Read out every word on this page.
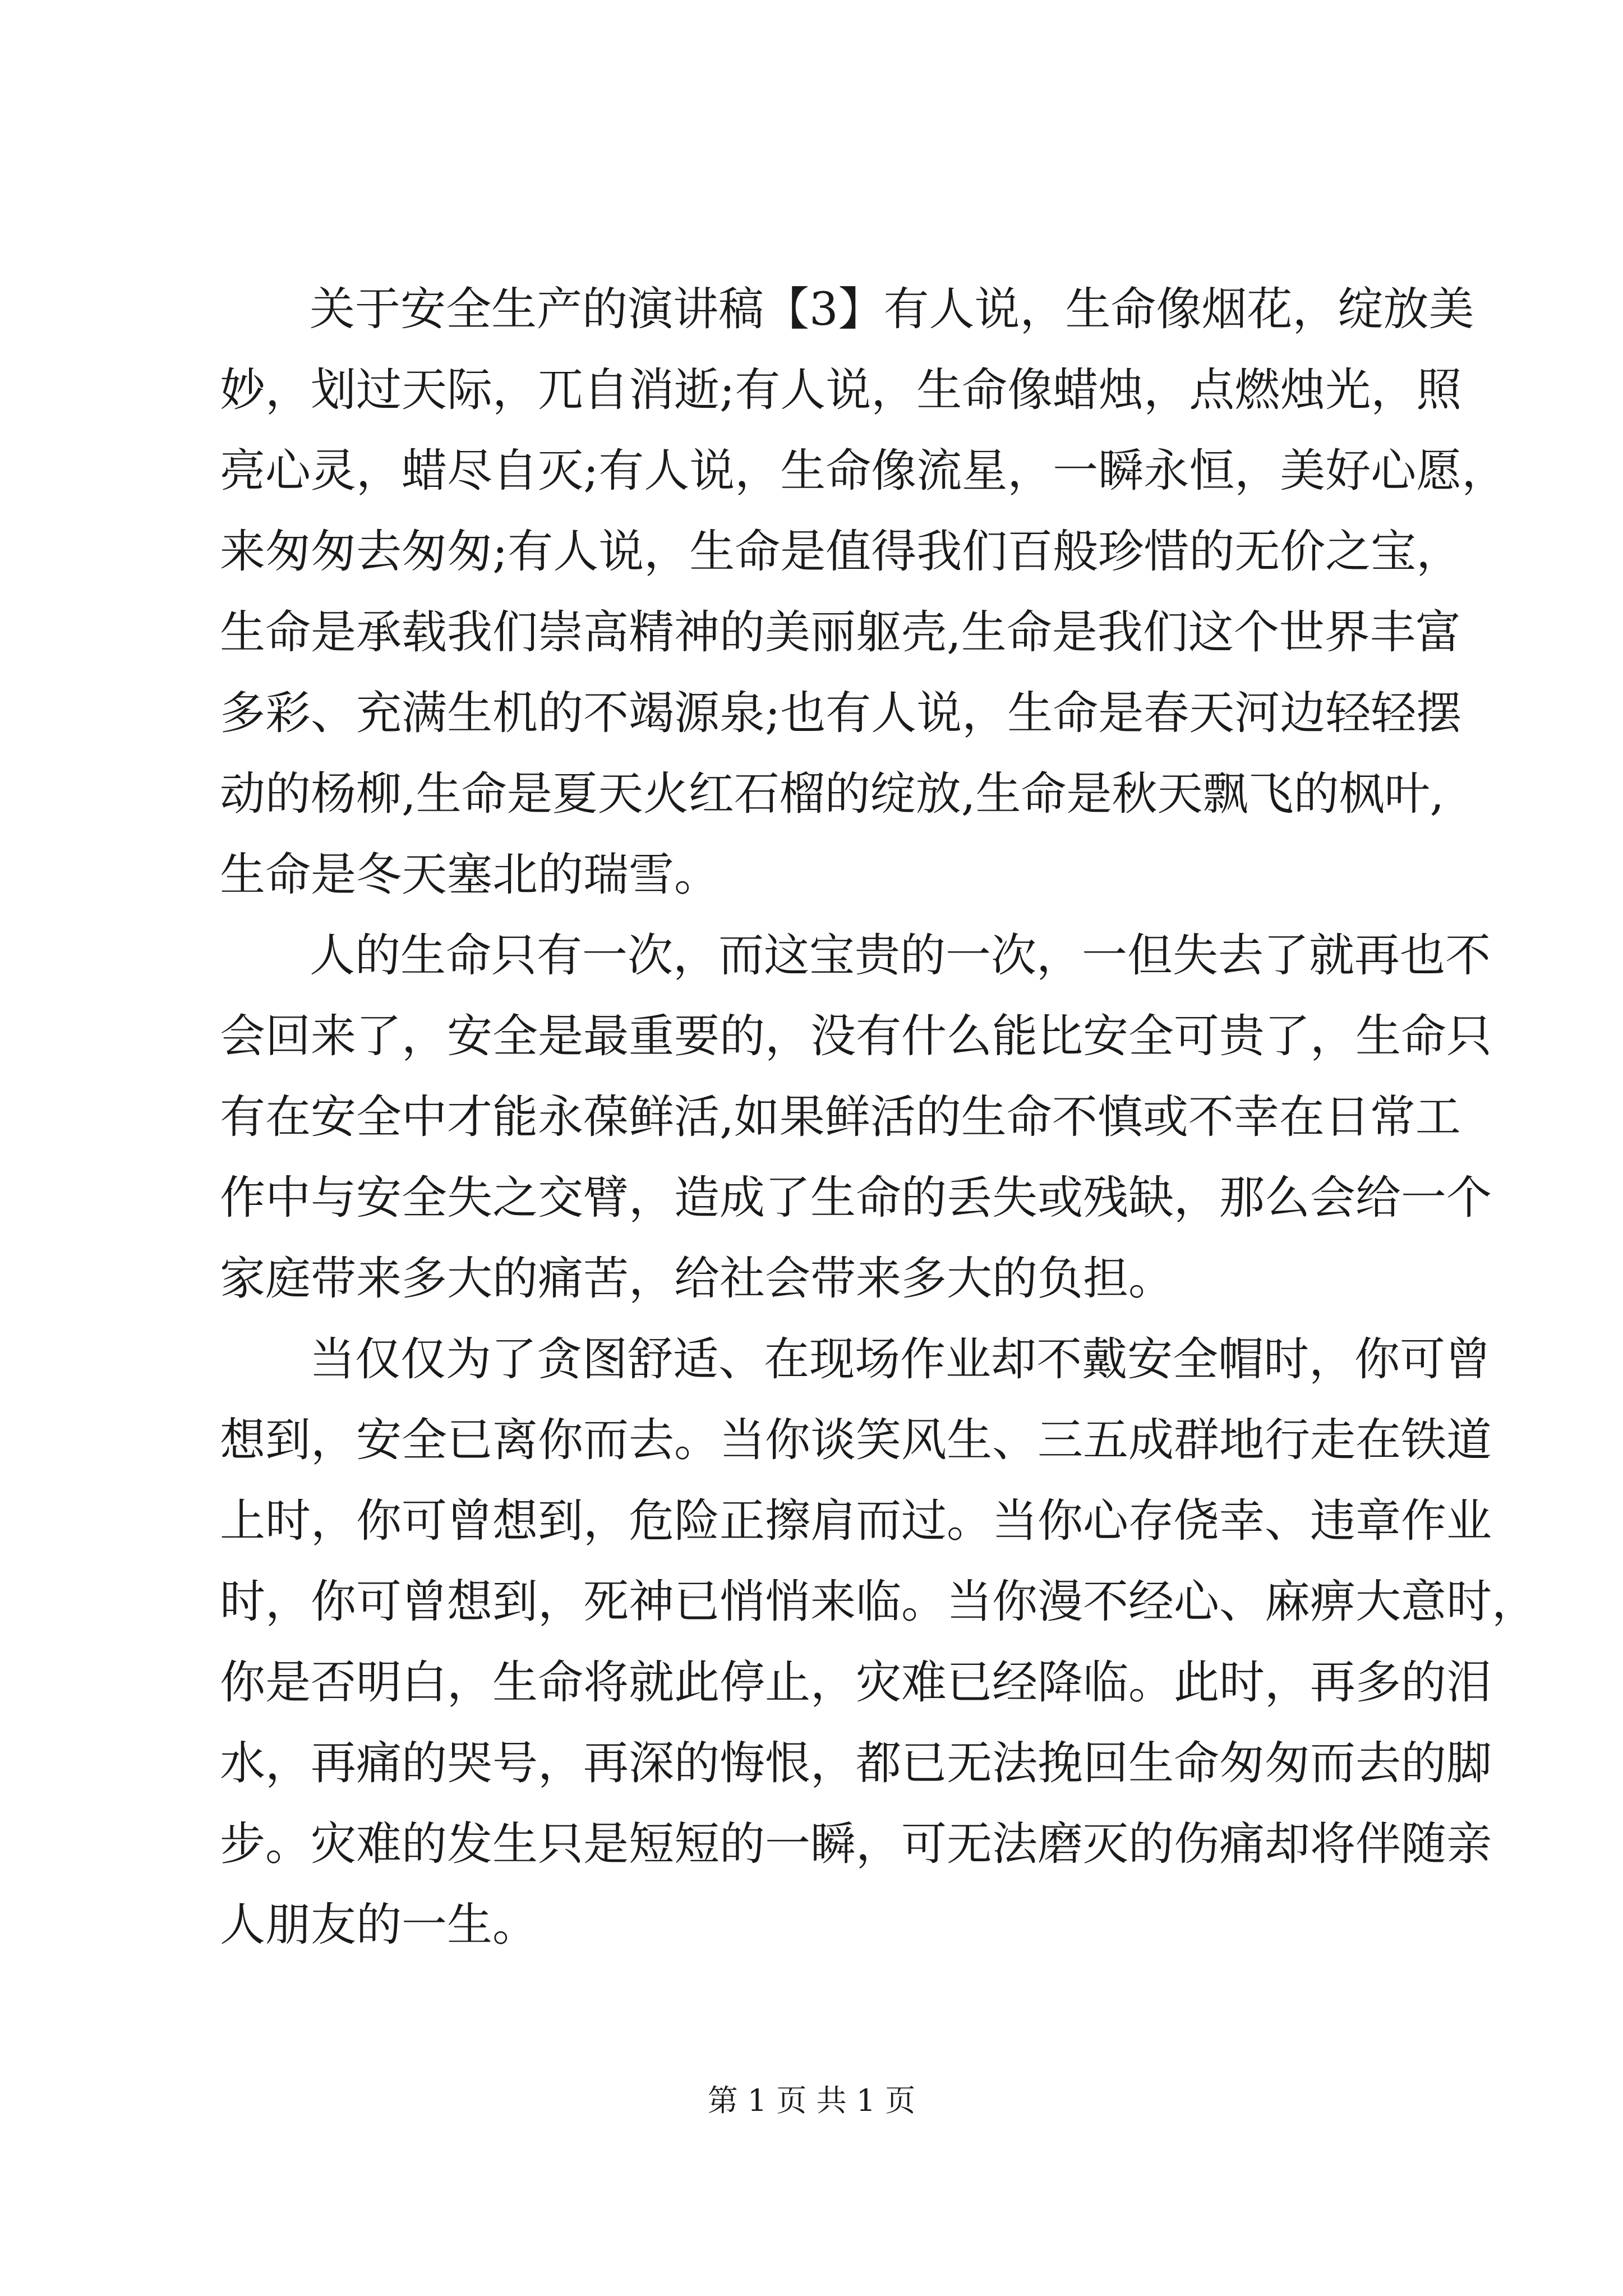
关于安全生产的演讲稿【3】有人说，生命像烟花，绽放美
妙，划过天际，兀自消逝;有人说，生命像蜡烛，点燃烛光，照
亮心灵，蜡尽自灭;有人说，生命像流星，一瞬永恒，美好心愿，
来匆匆去匆匆;有人说，生命是值得我们百般珍惜的无价之宝，
生命是承载我们崇高精神的美丽躯壳,生命是我们这个世界丰富
多彩、充满生机的不竭源泉;也有人说，生命是春天河边轻轻摆
动的杨柳,生命是夏天火红石榴的绽放,生命是秋天飘飞的枫叶,
生命是冬天塞北的瑞雪。
人的生命只有一次，而这宝贵的一次，一但失去了就再也不
会回来了，安全是最重要的，没有什么能比安全可贵了，生命只
有在安全中才能永葆鲜活,如果鲜活的生命不慎或不幸在日常工
作中与安全失之交臂，造成了生命的丢失或残缺，那么会给一个
家庭带来多大的痛苦，给社会带来多大的负担。
当仅仅为了贪图舒适、在现场作业却不戴安全帽时，你可曾
想到，安全已离你而去。当你谈笑风生、三五成群地行走在铁道
上时，你可曾想到，危险正擦肩而过。当你心存侥幸、违章作业
时，你可曾想到，死神已悄悄来临。当你漫不经心、麻痹大意时，
你是否明白，生命将就此停止，灾难已经降临。此时，再多的泪
水，再痛的哭号，再深的悔恨，都已无法挽回生命匆匆而去的脚
步。灾难的发生只是短短的一瞬，可无法磨灭的伤痛却将伴随亲
人朋友的一生。
第 1 页 共 1 页
